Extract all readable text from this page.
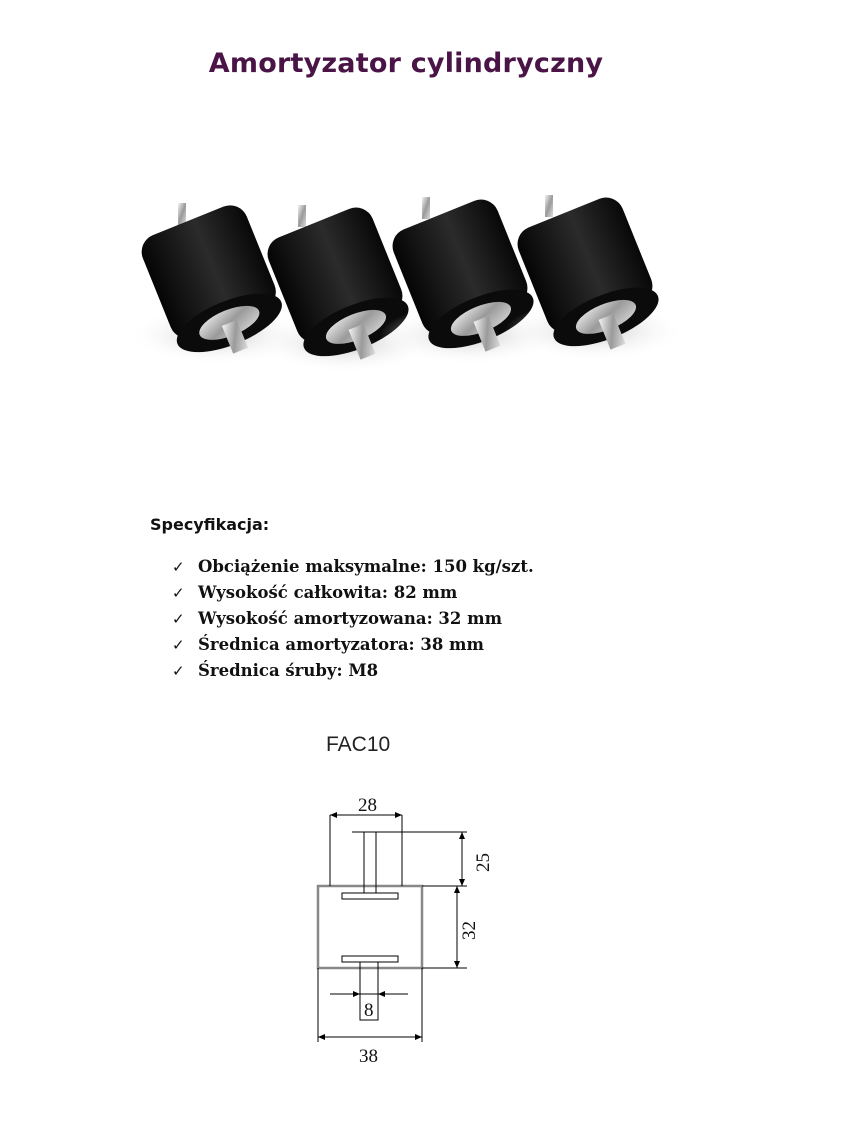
Amortyzator cylindryczny
Specyfikacja:
✓ Obciążenie maksymalne: 150 kg/szt.
✓ Wysokość całkowita: 82 mm
✓ Wysokość amortyzowana: 32 mm
✓ Średnica amortyzatora: 38 mm
✓ Średnica śruby: M8
FAC10
28
25
32
8
38
